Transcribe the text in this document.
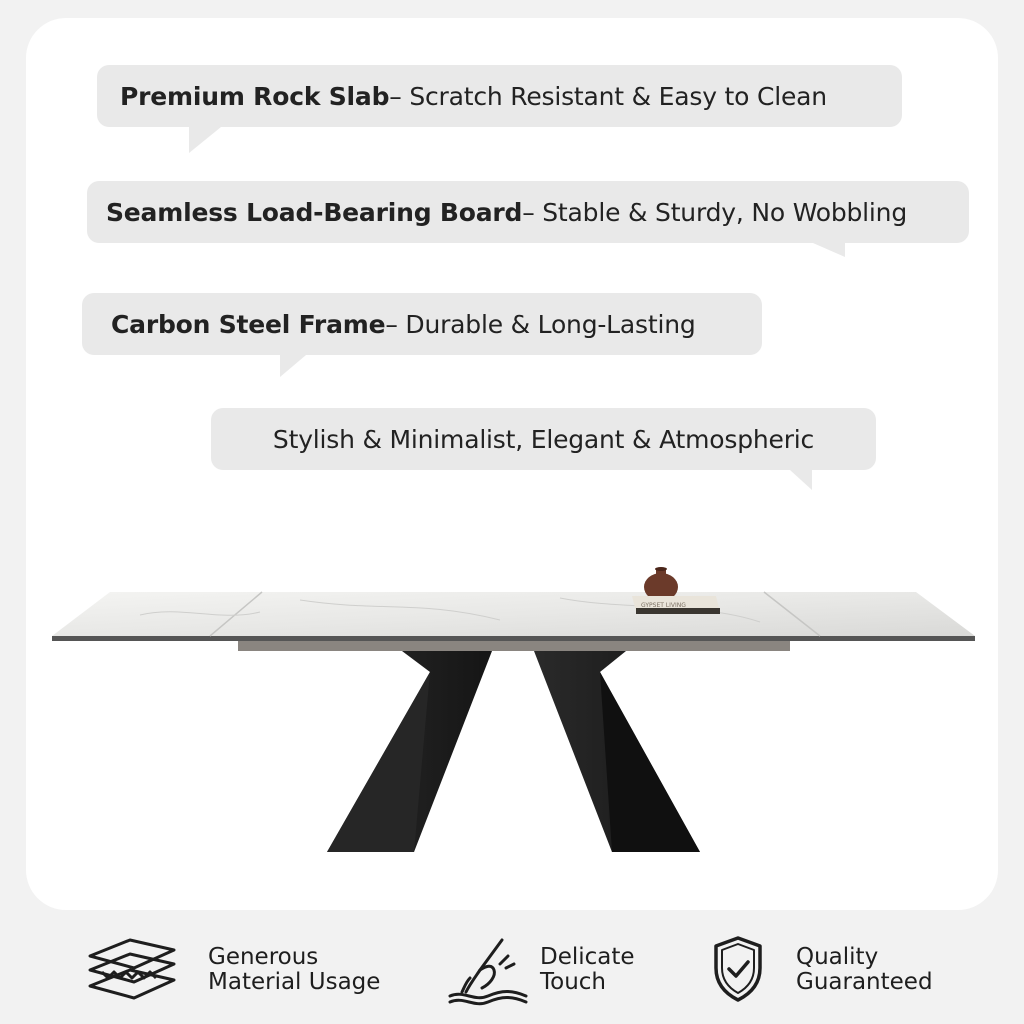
Premium Rock Slab – Scratch Resistant & Easy to Clean
Seamless Load-Bearing Board – Stable & Sturdy, No Wobbling
Carbon Steel Frame – Durable & Long-Lasting
Stylish & Minimalist, Elegant & Atmospheric
GYPSET LIVING
Generous
Material Usage
Delicate
Touch
Quality
Guaranteed
